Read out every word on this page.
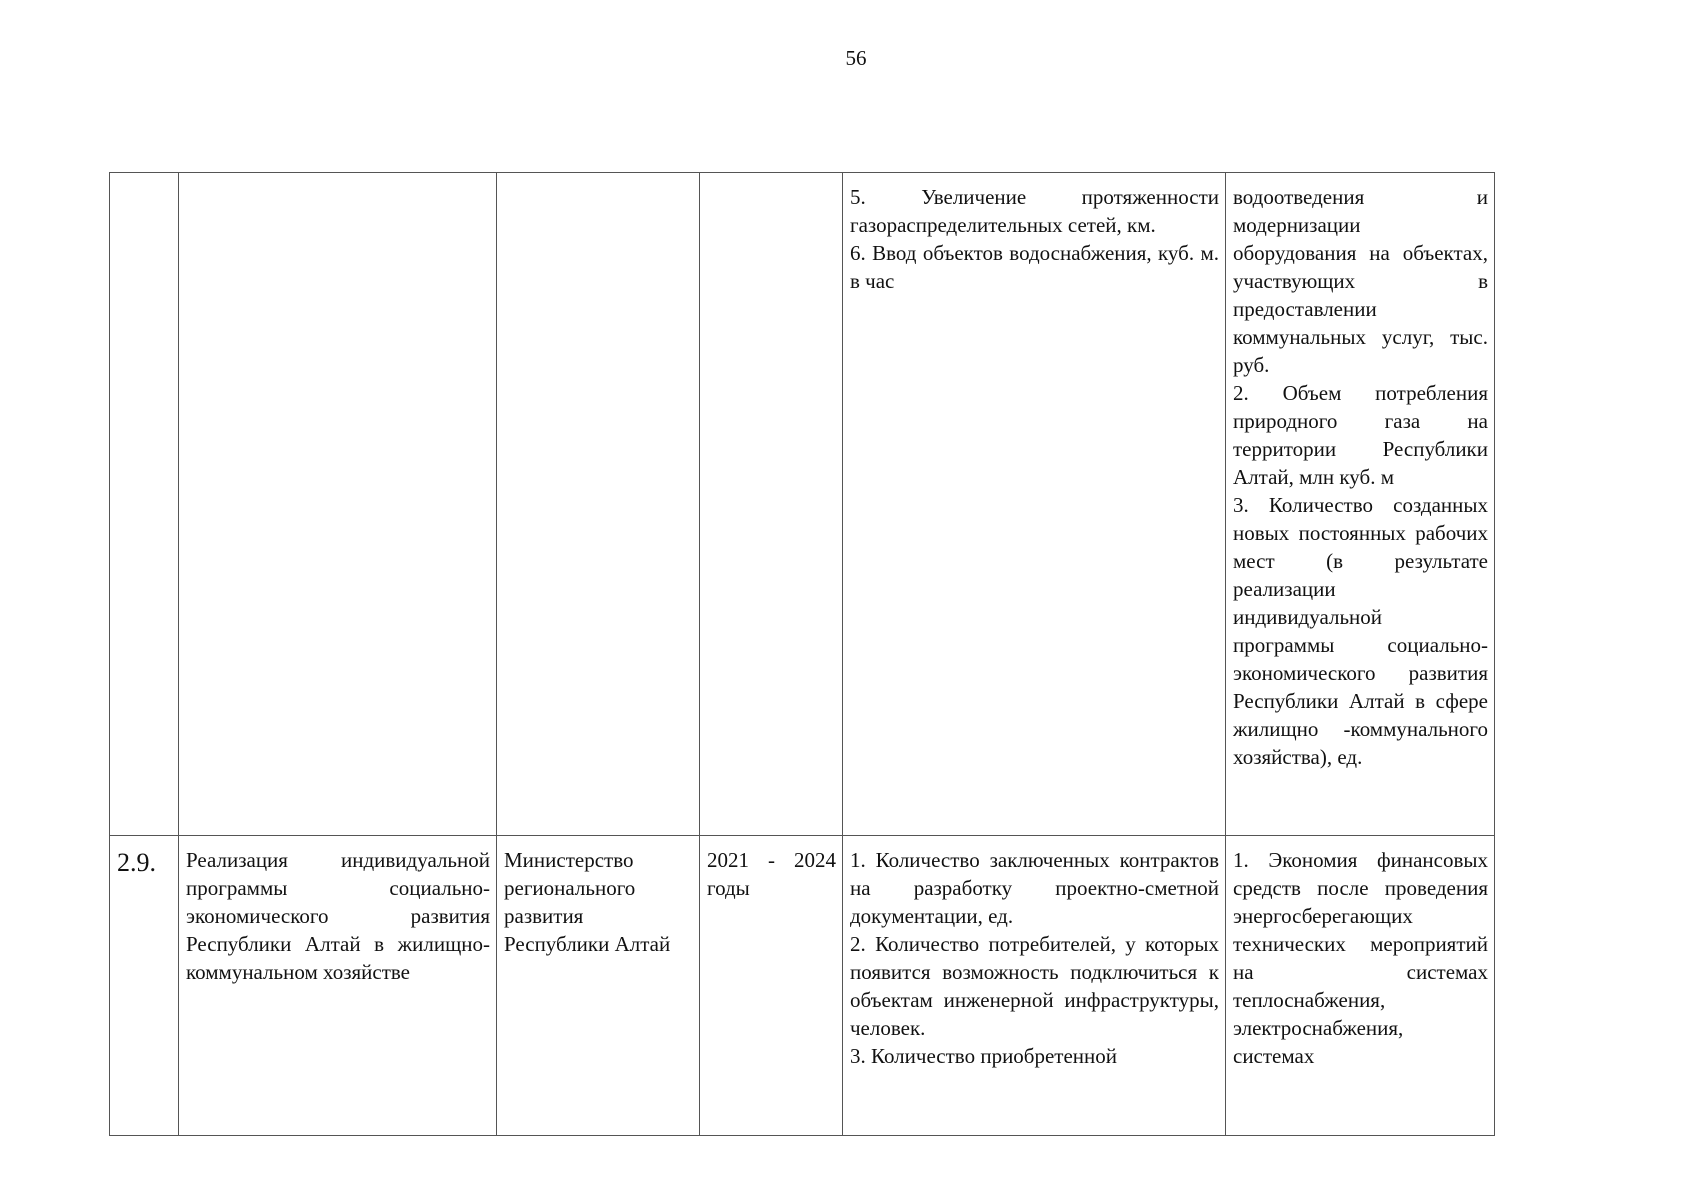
56

				5. Увеличение протяженности газораспределительных сетей, км.
6. Ввод объектов водоснабжения, куб. м. в час	водоотведения и модернизации оборудования на объектах, участвующих в предоставлении коммунальных услуг, тыс. руб.
2. Объем потребления природного газа на территории Республики Алтай, млн куб. м
3. Количество созданных новых постоянных рабочих мест (в результате реализации индивидуальной программы социально-экономического развития Республики Алтай в сфере жилищно -коммунального хозяйства), ед.

2.9.	Реализация индивидуальной программы социально-экономического развития Республики Алтай в жилищно-коммунальном хозяйстве	Министерство регионального развития Республики Алтай	2021 - 2024 годы	1. Количество заключенных контрактов на разработку проектно-сметной документации, ед.
2. Количество потребителей, у которых появится возможность подключиться к объектам инженерной инфраструктуры, человек.
3. Количество приобретенной	1. Экономия финансовых средств после проведения энергосберегающих технических мероприятий на системах теплоснабжения, электроснабжения, системах
